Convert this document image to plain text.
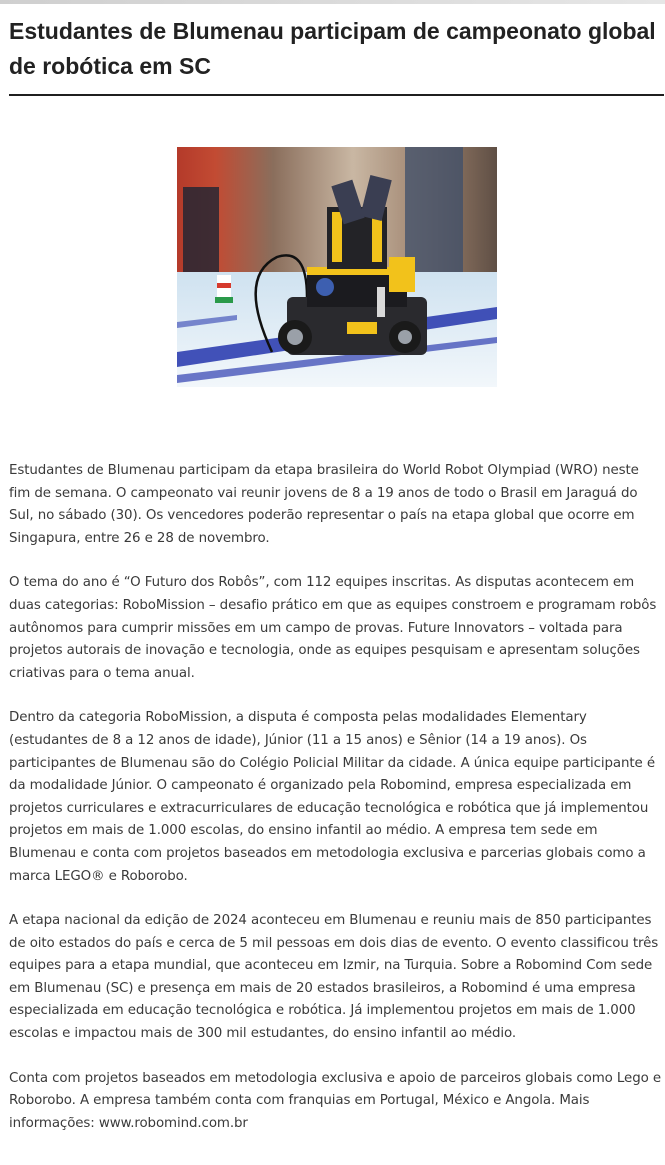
Estudantes de Blumenau participam de campeonato global de robótica em SC

Estudantes de Blumenau participam da etapa brasileira do World Robot Olympiad (WRO) neste fim de semana. O campeonato vai reunir jovens de 8 a 19 anos de todo o Brasil em Jaraguá do Sul, no sábado (30). Os vencedores poderão representar o país na etapa global que ocorre em Singapura, entre 26 e 28 de novembro.

O tema do ano é “O Futuro dos Robôs”, com 112 equipes inscritas. As disputas acontecem em duas categorias: RoboMission – desafio prático em que as equipes constroem e programam robôs autônomos para cumprir missões em um campo de provas. Future Innovators – voltada para projetos autorais de inovação e tecnologia, onde as equipes pesquisam e apresentam soluções criativas para o tema anual.

Dentro da categoria RoboMission, a disputa é composta pelas modalidades Elementary (estudantes de 8 a 12 anos de idade), Júnior (11 a 15 anos) e Sênior (14 a 19 anos). Os participantes de Blumenau são do Colégio Policial Militar da cidade. A única equipe participante é da modalidade Júnior. O campeonato é organizado pela Robomind, empresa especializada em projetos curriculares e extracurriculares de educação tecnológica e robótica que já implementou projetos em mais de 1.000 escolas, do ensino infantil ao médio. A empresa tem sede em Blumenau e conta com projetos baseados em metodologia exclusiva e parcerias globais como a marca LEGO® e Roborobo.

A etapa nacional da edição de 2024 aconteceu em Blumenau e reuniu mais de 850 participantes de oito estados do país e cerca de 5 mil pessoas em dois dias de evento. O evento classificou três equipes para a etapa mundial, que aconteceu em Izmir, na Turquia. Sobre a Robomind Com sede em Blumenau (SC) e presença em mais de 20 estados brasileiros, a Robomind é uma empresa especializada em educação tecnológica e robótica. Já implementou projetos em mais de 1.000 escolas e impactou mais de 300 mil estudantes, do ensino infantil ao médio.

Conta com projetos baseados em metodologia exclusiva e apoio de parceiros globais como Lego e Roborobo. A empresa também conta com franquias em Portugal, México e Angola. Mais informações: www.robomind.com.br
